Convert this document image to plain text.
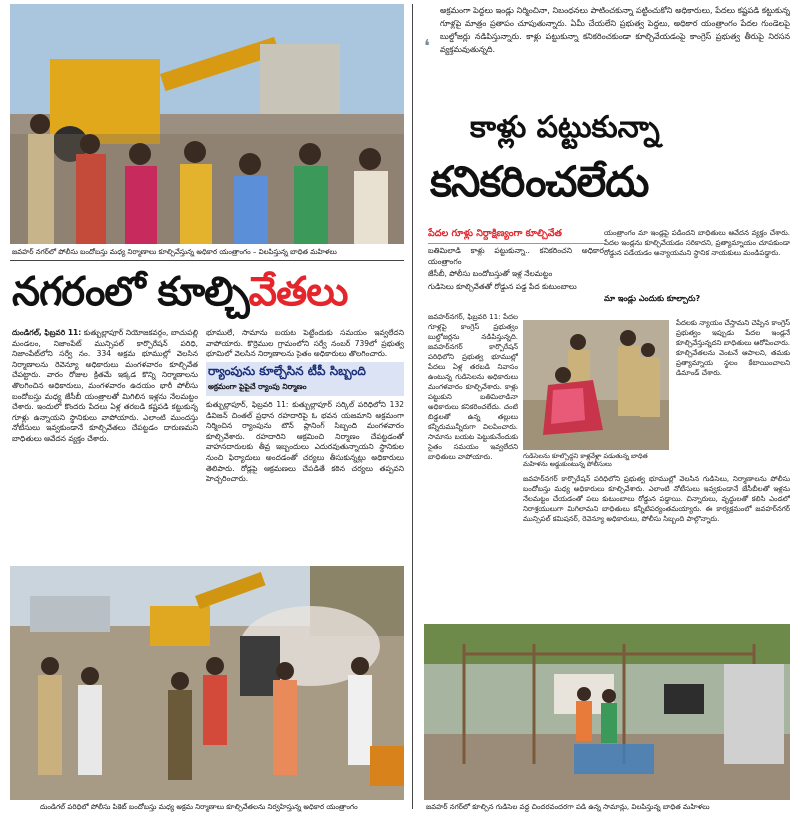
జవహర్ నగర్‌లో పోలీసు బందోబస్తు మధ్య నిర్మాణాలు కూల్చివేస్తున్న అధికార యంత్రాంగం – విలపిస్తున్న బాధిత మహిళలు
నగరంలో కూల్చివేతలు

దుండిగల్, ఫిబ్రవరి 11: కుత్బుల్లాపూర్ నియోజకవర్గం, బాచుపల్లి మండలం, నిజాంపేట్ మున్సిపల్ కార్పొరేషన్ పరిధి, నిజాంపేట్‌లోని సర్వే నం. 334 అక్రమ భూముల్లో వెలసిన నిర్మాణాలను రెవెన్యూ అధికారులు మంగళవారం కూల్చివేత చేపట్టారు. వారం రోజుల క్రితమే ఇక్కడ కొన్ని నిర్మాణాలను తొలగించిన అధికారులు, మంగళవారం ఉదయం భారీ పోలీసు బందోబస్తు మధ్య జేసీబీ యంత్రాలతో మిగిలిన ఇళ్లను నేలమట్టం చేశారు. ఇందులో కొందరు పేదలు ఏళ్ల తరబడి కష్టపడి కట్టుకున్న గూళ్లు ఉన్నాయని స్థానికులు వాపోయారు. ఎలాంటి ముందస్తు నోటీసులు ఇవ్వకుండానే కూల్చివేతలు చేపట్టడం దారుణమని బాధితులు ఆవేదన వ్యక్తం చేశారు.

భూములే, సామాను బయట పెట్టేందుకు సమయం ఇవ్వలేదని వాపోయారు. కొర్రెముల గ్రామంలోని సర్వే నంబర్ 739లో ప్రభుత్వ భూమిలో వెలసిన నిర్మాణాలను సైతం అధికారులు తొలగించారు.

ర్యాంపును కూల్చేసిన టీపీ సిబ్బంది
అక్రమంగా పైపైచే ర్యాంపు నిర్మాణం

కుత్బుల్లాపూర్, ఫిబ్రవరి 11: కుత్బుల్లాపూర్ సర్కిల్ పరిధిలోని 132 డివిజన్ చింతల్ ప్రధాన రహదారిపై ఓ భవన యజమాని అక్రమంగా నిర్మించిన ర్యాంపును టౌన్ ప్లానింగ్ సిబ్బంది మంగళవారం కూల్చివేశారు. రహదారిని ఆక్రమించి నిర్మాణం చేపట్టడంతో వాహనదారులకు తీవ్ర ఇబ్బందులు ఎదురవుతున్నాయని స్థానికుల నుంచి ఫిర్యాదులు అందడంతో చర్యలు తీసుకున్నట్లు అధికారులు తెలిపారు. రోడ్లపై ఆక్రమణలు చేపడితే కఠిన చర్యలు తప్పవని హెచ్చరించారు.

దుండిగల్ పరిధిలో పోలీసు పికెట్ బందోబస్తు మధ్య అక్రమ నిర్మాణాలు కూల్చివేతలను నిర్వహిస్తున్న అధికార యంత్రాంగం
❛

అక్రమంగా పెద్దలు ఇండ్లు నిర్మించినా, నిబంధనలు పాటించకున్నా పట్టించుకోని అధికారులు, పేదలు కష్టపడి కట్టుకున్న గూళ్లపై మాత్రం ప్రతాపం చూపుతున్నారు. ఏమీ చేయలేని ప్రభుత్వ పెద్దలు, అధికార యంత్రాంగం పేదల గుండెలపై బుల్డోజర్లు నడిపిస్తున్నారు. కాళ్లు పట్టుకున్నా కనికరించకుండా కూల్చివేయడంపై కాంగ్రెస్ ప్రభుత్వ తీరుపై నిరసన వ్యక్తమవుతున్నది.

కాళ్లు పట్టుకున్నా
కనికరించలేదు
పేదల గూళ్లు నిర్దాక్షిణ్యంగా కూల్చివేత

బతిమిలాడి కాళ్లు పట్టుకున్నా.. కనికరించని అధికార యంత్రాంగం

జేసీబీ, పోలీసు బందోబస్తుతో ఇళ్ల నేలమట్టం

గుడిసెలు కూల్చివేతతో రోడ్డున పడ్డ పేద కుటుంబాలు

జవహర్‌నగర్, ఫిబ్రవరి 11: పేదల గూళ్లపై కాంగ్రెస్ ప్రభుత్వం బుల్డోజర్లను నడిపిస్తున్నది. జవహర్‌నగర్ కార్పొరేషన్ పరిధిలోని ప్రభుత్వ భూముల్లో పేదలు ఏళ్ల తరబడి నివాసం ఉంటున్న గుడిసెలను అధికారులు మంగళవారం కూల్చివేశారు. కాళ్లు పట్టుకుని బతిమిలాడినా అధికారులు కనికరించలేదు. చంటి బిడ్డలతో ఉన్న తల్లులు కన్నీరుమున్నీరుగా విలపించారు. సామాను బయట పెట్టుకునేందుకు సైతం సమయం ఇవ్వలేదని బాధితులు వాపోయారు.	గుడిసెలను కూల్చొద్దని కాళ్లవేళ్లా పడుతున్న బాధిత మహిళను అడ్డుకుంటున్న పోలీసులు

యంత్రాంగం మా ఇండ్లపై పడిందని బాధితులు ఆవేదన వ్యక్తం చేశారు. పేదల ఇండ్లను కూల్చివేయడం సరికాదని, ప్రత్యామ్నాయం చూపకుండా రోడ్డున పడేయడం అన్యాయమని స్థానిక నాయకులు మండిపడ్డారు.

మా ఇండ్లు ఎందుకు కూల్చారు?

పేదలకు న్యాయం చేస్తామని చెప్పిన కాంగ్రెస్ ప్రభుత్వం ఇప్పుడు పేదల ఇండ్లనే కూల్చివేస్తున్నదని బాధితులు ఆరోపించారు. కూల్చివేతలను వెంటనే ఆపాలని, తమకు ప్రత్యామ్నాయ స్థలం కేటాయించాలని డిమాండ్ చేశారు.

జవహర్‌నగర్ కార్పొరేషన్ పరిధిలోని ప్రభుత్వ భూముల్లో వెలసిన గుడిసెలు, నిర్మాణాలను పోలీసు బందోబస్తు మధ్య అధికారులు కూల్చివేశారు. ఎలాంటి నోటీసులు ఇవ్వకుండానే జేసీబీలతో ఇళ్లను నేలమట్టం చేయడంతో పలు కుటుంబాలు రోడ్డున పడ్డాయి. చిన్నారులు, వృద్ధులతో కలిసి ఎండలో నిరాశ్రయులుగా మిగిలామని బాధితులు కన్నీటిపర్యంతమయ్యారు. ఈ కార్యక్రమంలో జవహర్‌నగర్ మున్సిపల్ కమిషనర్, రెవెన్యూ అధికారులు, పోలీసు సిబ్బంది పాల్గొన్నారు.

జవహర్ నగర్‌లో కూల్చిన గుడిసెల వద్ద చిందరవందరగా పడి ఉన్న సామాన్లు, విలపిస్తున్న బాధిత మహిళలు
